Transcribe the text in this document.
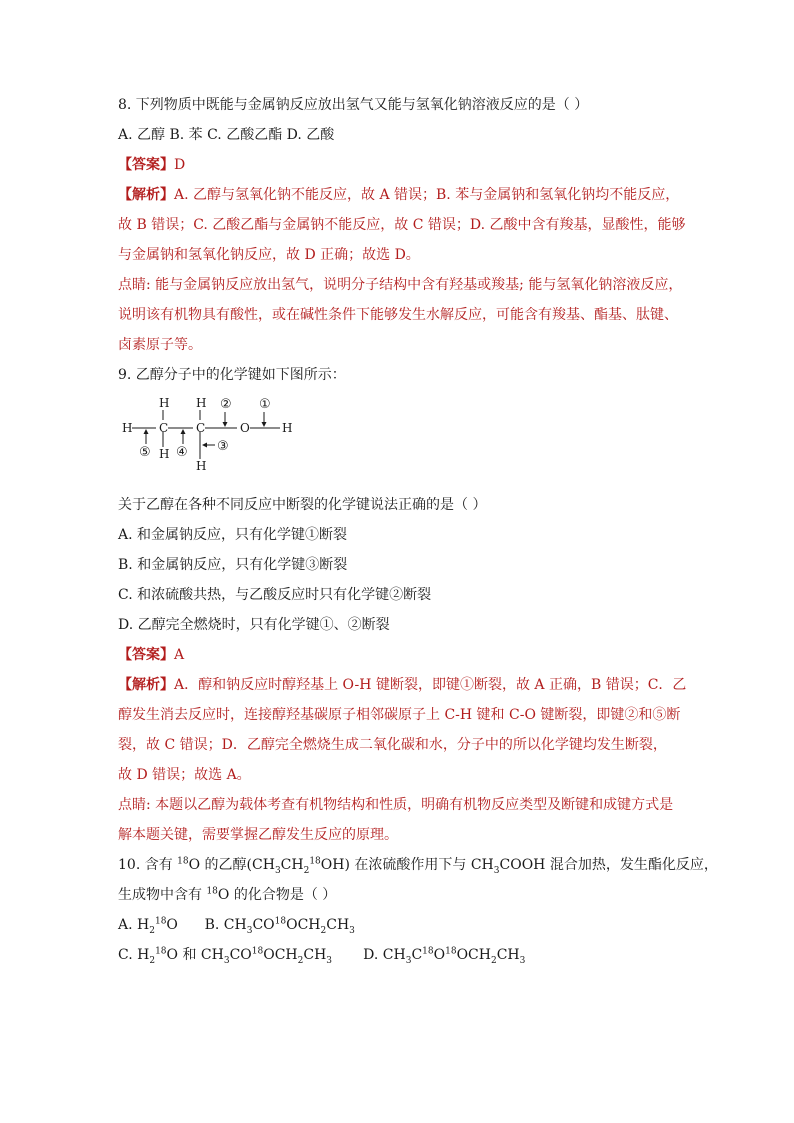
8. 下列物质中既能与金属钠反应放出氢气又能与氢氧化钠溶液反应的是（ ）

A. 乙醇 B. 苯 C. 乙酸乙酯 D. 乙酸

【答案】D

【解析】A. 乙醇与氢氧化钠不能反应，故 A 错误；B. 苯与金属钠和氢氧化钠均不能反应，

故 B 错误；C. 乙酸乙酯与金属钠不能反应，故 C 错误；D. 乙酸中含有羧基，显酸性，能够

与金属钠和氢氧化钠反应，故 D 正确；故选 D。

点睛: 能与金属钠反应放出氢气，说明分子结构中含有羟基或羧基; 能与氢氧化钠溶液反应，

说明该有机物具有酸性，或在碱性条件下能够发生水解反应，可能含有羧基、酯基、肽键、

卤素原子等。

9. 乙醇分子中的化学键如下图所示：

H C
H
H
C
H
H
O	H
①
②
③
④
⑤

关于乙醇在各种不同反应中断裂的化学键说法正确的是（ ）

A. 和金属钠反应，只有化学键①断裂

B. 和金属钠反应，只有化学键③断裂

C. 和浓硫酸共热，与乙酸反应时只有化学键②断裂

D. 乙醇完全燃烧时，只有化学键①、②断裂

【答案】A

【解析】A．醇和钠反应时醇羟基上 O-H 键断裂，即键①断裂，故 A 正确，B 错误；C．乙

醇发生消去反应时，连接醇羟基碳原子相邻碳原子上 C-H 键和 C-O 键断裂，即键②和⑤断

裂，故 C 错误；D．乙醇完全燃烧生成二氧化碳和水，分子中的所以化学键均发生断裂，

故 D 错误；故选 A。

点睛: 本题以乙醇为载体考查有机物结构和性质，明确有机物反应类型及断键和成键方式是

解本题关键，需要掌握乙醇发生反应的原理。

10. 含有 $^{18}$O 的乙醇$(CH_3CH_2^{18}OH)$ 在浓硫酸作用下与 $CH_3COOH$ 混合加热，发生酯化反应，

生成物中含有 $^{18}$O 的化合物是（ ）

A. $H_2^{18}O$ B. $CH_3CO^{18}OCH_2CH_3$

C. $H_2^{18}O$ 和 $CH_3CO^{18}OCH_2CH_3$ D. $CH_3C^{18}O^{18}OCH_2CH_3$
